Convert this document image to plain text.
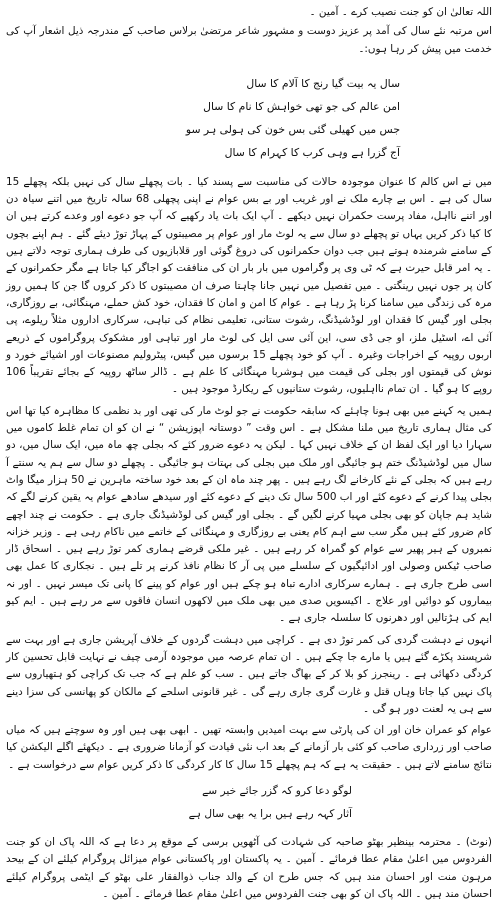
اللہ تعالیٰ ان کو جنت نصیب کرے ۔ آمین ۔

اس مرتبہ نئے سال کی آمد پر عزیز دوست و مشہور شاعر مرتضیٰ برلاس صاحب کے مندرجہ ذیل اشعار آپ کی خدمت میں پیش کر رہا ہوں:۔

سال یہ بیت گیا رنج کا آلام کا سال
امن عالم کی جو تھی خواہش کا نام کا سال
جس میں کھیلی گئی بس خون کی ہولی ہر سو
آج گزرا ہے وہی کرب کا کہرام کا سال

میں نے اس کالم کا عنوان موجودہ حالات کی مناسبت سے پسند کیا ۔ بات پچھلے سال کی نہیں بلکہ پچھلے 15 سال کی ہے ۔ اس بے چارے ملک نے اور غریب اور بے بس عوام نے اپنی پچھلی 68 سالہ تاریخ میں اتنے سیاہ دن اور اتنے نااہل، مفاد پرست حکمران نہیں دیکھے ۔ آپ ایک بات یاد رکھیے کہ آپ جو دعوے اور وعدے کرتے ہیں ان کا کیا ذکر کریں یہاں تو پچھلے دو سال سے یہ لوٹ مار اور عوام پر مصیبتوں کے پہاڑ توڑ دیئے گئے ۔ ہم اپنے بچوں کے سامنے شرمندہ ہوتے ہیں جب دوان حکمرانوں کی دروغ گوئی اور قلابازیوں کی طرف ہماری توجہ دلاتے ہیں ۔ یہ امر قابل حیرت ہے کہ ٹی وی پر وگراموں میں بار بار ان کی منافقت کو اجاگر کیا جاتا ہے مگر حکمرانوں کے کان پر جوں نہیں رینگتی ۔ میں تفصیل میں نہیں جانا چاہتا صرف ان مصیبتوں کا ذکر کروں گا جن کا ہمیں روز مرہ کی زندگی میں سامنا کرنا پڑ رہا ہے ۔ عوام کا امن و امان کا فقدان، خود کش حملے، مہنگائی، بے روزگاری، بجلی اور گیس کا فقدان اور لوڈشیڈنگ، رشوت ستانی، تعلیمی نظام کی تباہی، سرکاری اداروں مثلاً ریلوے، پی آئی اے، اسٹیل ملز، او جی ڈی سی، این آئی سی ایل کی لوٹ مار اور تباہی اور مشکوک پروگراموں کے ذریعے اربوں روپیہ کے اخراجات وغیرہ ۔ آپ کو خود پچھلے 15 برسوں میں گیس، پیٹرولیم مصنوعات اور اشیائے خورد و نوش کی قیمتوں اور بجلی کی قیمت میں ہوشربا مہنگائی کا علم ہے ۔ ڈالر ساٹھ روپیہ کے بجائے تقریباً 106 روپے کا ہو گیا ۔ ان تمام نااہلیوں، رشوت ستانیوں کے ریکارڈ موجود ہیں ۔

ہمیں یہ کہنے میں بھی ہونا چاہئے کہ سابقہ حکومت نے جو لوٹ مار کی تھی اور بد نظمی کا مظاہرہ کیا تھا اس کی مثال ہماری تاریخ میں ملنا مشکل ہے ۔ اس وقت ” دوستانہ اپوزیشن “ نے ان کو ان تمام غلط کاموں میں سہارا دیا اور ایک لفظ ان کے خلاف نہیں کہا ۔ لیکن یہ دعوے ضرور کئے کہ بجلی چھ ماہ میں، ایک سال میں، دو سال میں لوڈشیڈنگ ختم ہو جائیگی اور ملک میں بجلی کی بہتات ہو جائیگی ۔ پچھلے دو سال سے ہم یہ سنتے آ رہے ہیں کہ بجلی کے نئے کارخانے لگ رہے ہیں ۔ پھر چند ماہ ان کے بعد خود ساختہ ماہرین نے 50 ہزار میگا واٹ بجلی پیدا کرنے کے دعوے کئے اور اب 500 سال تک دینے کے دعوے کئے اور سیدھے سادھے عوام یہ یقین کرنے لگے کہ شاید ہم جاپان کو بھی بجلی مہیا کرنے لگیں گے ۔ بجلی اور گیس کی لوڈشیڈنگ جاری ہے ۔ حکومت نے چند اچھے کام ضرور کئے ہیں مگر سب سے اہم کام یعنی بے روزگاری و مہنگائی کے خاتمے میں ناکام رہی ہے ۔ وزیر خزانہ نمبروں کے ہیر پھیر سے عوام کو گمراہ کر رہے ہیں ۔ غیر ملکی قرضے ہماری کمر توڑ رہے ہیں ۔ اسحاق ڈار صاحب ٹیکس وصولی اور ادائیگیوں کے سلسلے میں پی آر کا نظام نافذ کرنے پر تلے ہیں ۔ نجکاری کا عمل بھی اسی طرح جاری ہے ۔ ہمارے سرکاری ادارے تباہ ہو چکے ہیں اور عوام کو پینے کا پانی تک میسر نہیں ۔ اور نہ بیماروں کو دوائیں اور علاج ۔ اکیسویں صدی میں بھی ملک میں لاکھوں انسان فاقوں سے مر رہے ہیں ۔ ایم کیو ایم کی ہڑتالیں اور دھرنوں کا سلسلہ جاری ہے ۔

انہوں نے دہشت گردی کی کمر توڑ دی ہے ۔ کراچی میں دہشت گردوں کے خلاف آپریشن جاری ہے اور بہت سے شرپسند پکڑے گئے ہیں یا مارے جا چکے ہیں ۔ ان تمام عرصہ میں موجودہ آرمی چیف نے نہایت قابل تحسین کار کردگی دکھائی ہے ۔ رینجرز کو بلا کر کے بھاگ جاتے ہیں ۔ سب کو علم ہے کہ جب تک کراچی کو ہتھیاروں سے پاک نہیں کیا جاتا وہاں قتل و غارت گری جاری رہے گی ۔ غیر قانونی اسلحے کے مالکان کو پھانسی کی سزا دینے سے ہی یہ لعنت دور ہو گی ۔

عوام کو عمران خان اور ان کی پارٹی سے بہت امیدیں وابستہ تھیں ۔ ابھی بھی ہیں اور وہ سوچتے ہیں کہ میاں صاحب اور زرداری صاحب کو کئی بار آزمانے کے بعد اب نئی قیادت کو آزمانا ضروری ہے ۔ دیکھئے اگلے الیکشن کیا نتائج سامنے لاتے ہیں ۔ حقیقت یہ ہے کہ ہم پچھلے 15 سال کا کار کردگی کا ذکر کریں عوام سے درخواست ہے ۔

لوگو دعا کرو کہ گزر جائے خیر سے
آثار کہہ رہے ہیں برا یہ بھی سال ہے

(نوٹ) ۔ محترمہ بینظیر بھٹو صاحبہ کی شہادت کی آٹھویں برسی کے موقع پر دعا ہے کہ اللہ پاک ان کو جنت الفردوس میں اعلیٰ مقام عطا فرمائے ۔ آمین ۔ یہ پاکستان اور پاکستانی عوام میزائل پروگرام کیلئے ان کے بیحد مرہون منت اور احسان مند ہیں کہ جس طرح ان کے والد جناب ذوالفقار علی بھٹو کے ایٹمی پروگرام کیلئے احسان مند ہیں ۔ اللہ پاک ان کو بھی جنت الفردوس میں اعلیٰ مقام عطا فرمائے ۔ آمین ۔
